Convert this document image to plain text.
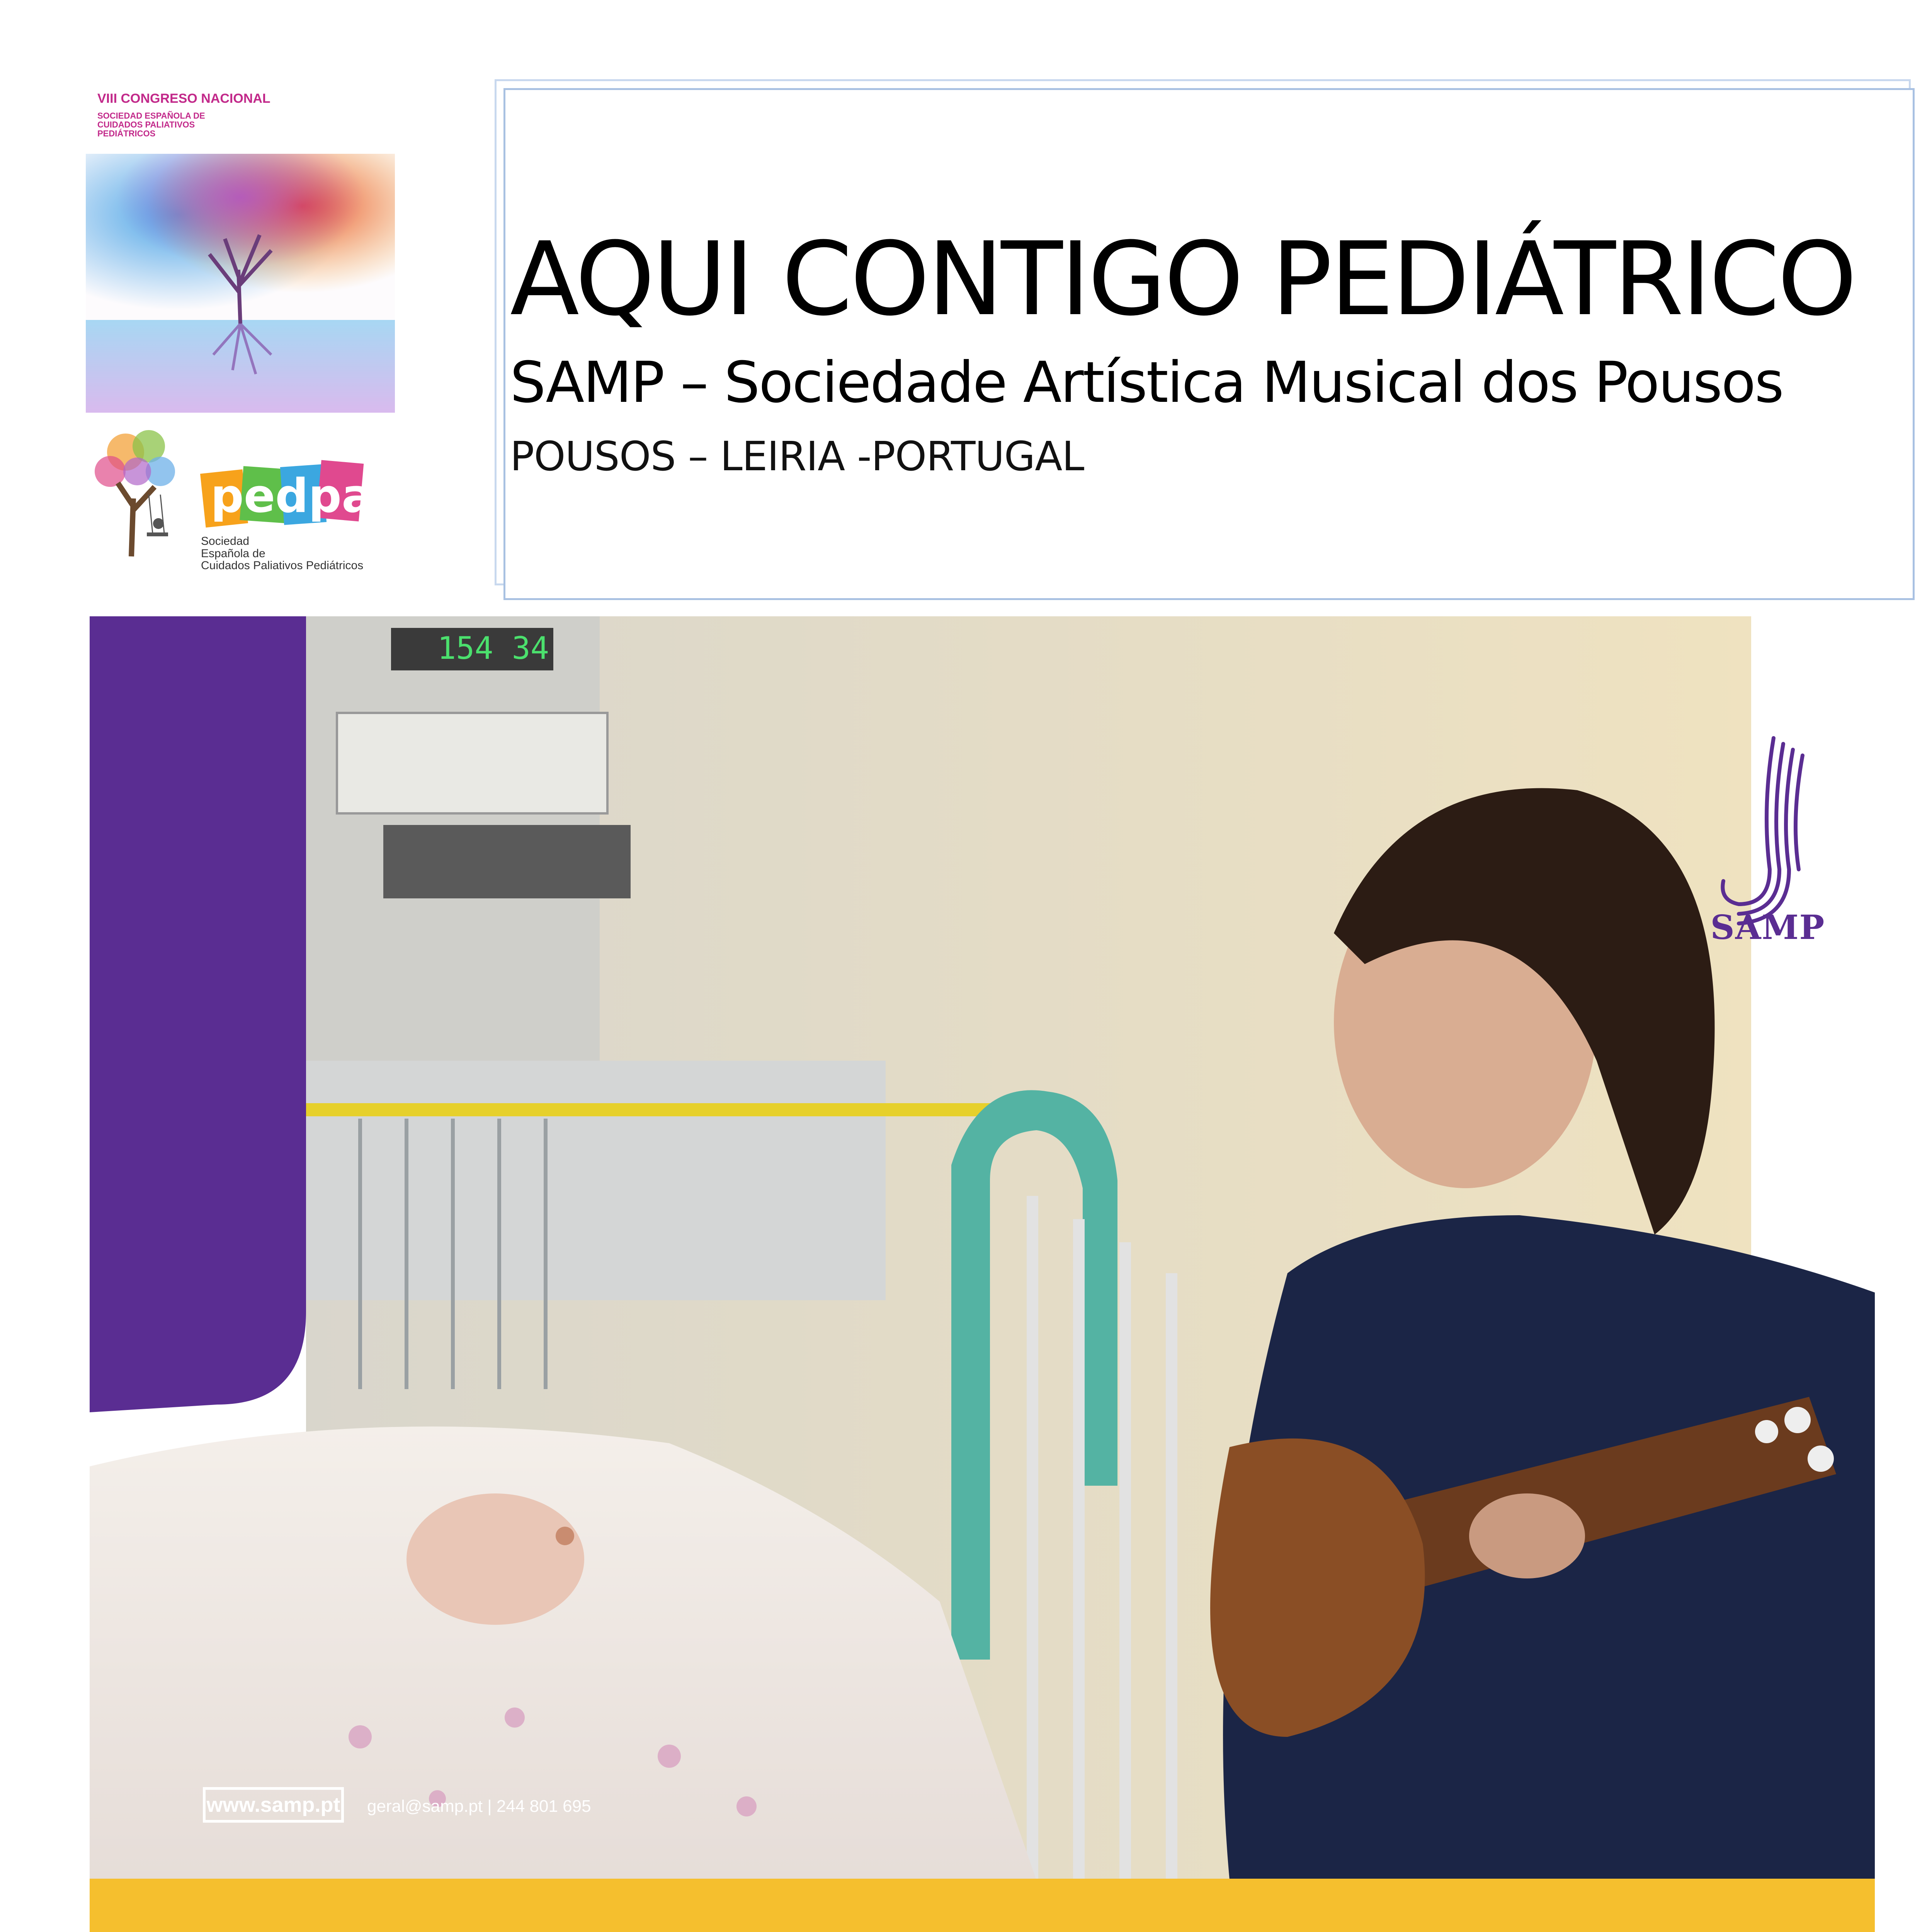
VIII CONGRESO NACIONAL
SOCIEDAD ESPAÑOLA DE
CUIDADOS PALIATIVOS
PEDIÁTRICOS
pedpal
Sociedad
Española de
Cuidados Paliativos Pediátricos
AQUI CONTIGO PEDIÁTRICO
SAMP – Sociedade Artística Musical dos Pousos
POUSOS – LEIRIA -PORTUGAL
154 34
SAMP
www.samp.pt geral@samp.pt | 244 801 695
